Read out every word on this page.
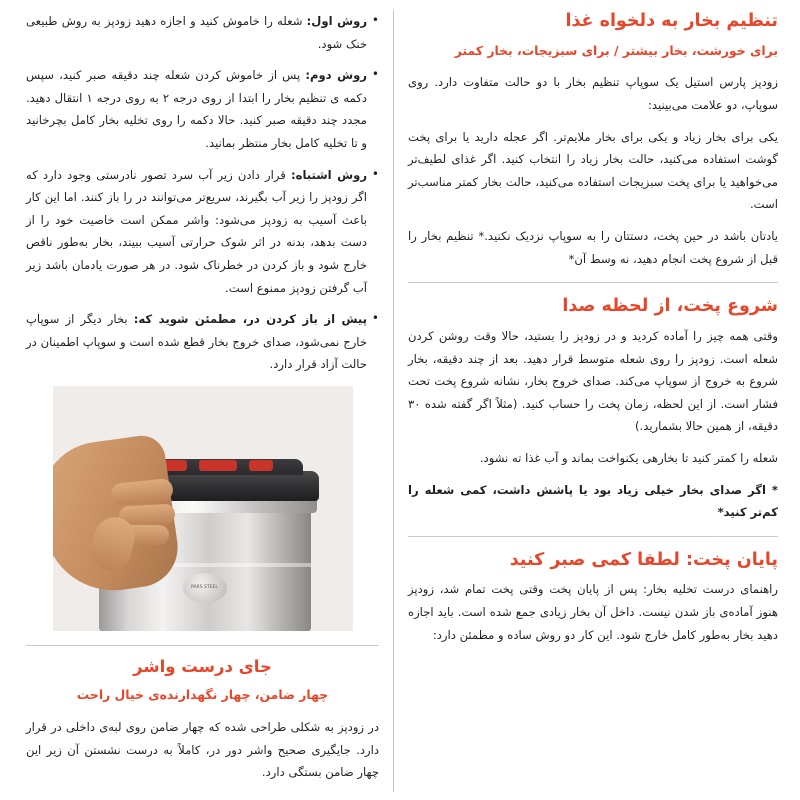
تنظیم بخار به دلخواه غذا
برای خورشت، بخار بیشتر / برای سبزیجات، بخار کمتر

زودپز پارس استیل یک سوپاپ تنظیم بخار با دو حالت متفاوت دارد. روی سوپاپ، دو علامت می‌بینید:

یکی برای بخار زیاد و یکی برای بخار ملایم‌تر. اگر عجله دارید یا برای پخت گوشت استفاده می‌کنید، حالت بخار زیاد را انتخاب کنید. اگر غذای لطیف‌تر می‌خواهید یا برای پخت سبزیجات استفاده می‌کنید، حالت بخار کمتر مناسب‌تر است.

یادتان باشد در حین پخت، دستتان را به سوپاپ نزدیک نکنید.* تنظیم بخار را قبل از شروع پخت انجام دهید، نه وسط آن*

شروع پخت، از لحظه صدا

وقتی همه چیز را آماده کردید و در زودپز را بستید، حالا وقت روشن کردن شعله است. زودپز را روی شعله متوسط قرار دهید. بعد از چند دقیقه، بخار شروع به خروج از سوپاپ می‌کند. صدای خروج بخار، نشانه شروع پخت تحت فشار است. از این لحظه، زمان پخت را حساب کنید. (مثلاً اگر گفته شده ۳۰ دقیقه، از همین حالا بشمارید.)

شعله را کمتر کنید تا بخارهی یکنواخت بماند و آب غذا ته نشود.

* اگر صدای بخار خیلی زیاد بود یا پاشش داشت، کمی شعله را کم‌تر کنید*

پایان پخت: لطفا کمی صبر کنید

راهنمای درست تخلیه بخار: پس از پایان پخت وقتی پخت تمام شد، زودپز هنوز آماده‌ی باز شدن نیست. داخل آن بخار زیادی جمع شده است. باید اجازه دهید بخار به‌طور کامل خارج شود. این کار دو روش ساده و مطمئن دارد:

• روش اول: شعله را خاموش کنید و اجازه دهید زودپز به روش طبیعی خنک شود.
• روش دوم: پس از خاموش کردن شعله چند دقیقه صبر کنید، سپس دکمه ی تنظیم بخار را ابتدا از روی درجه ۲ به روی درجه ۱ انتقال دهید. مجدد چند دقیقه صبر کنید. حالا دکمه را روی تخلیه بخار کامل بچرخانید و تا تخلیه کامل بخار منتظر بمانید.
• روش اشتباه: قرار دادن زیر آب سرد تصور نادرستی وجود دارد که اگر زودپز را زیر آب بگیرند، سریع‌تر می‌توانند در را باز کنند. اما این کار باعث آسیب به زودپز می‌شود: واشر ممکن است خاصیت خود را از دست بدهد، بدنه در اثر شوک حرارتی آسیب ببیند، بخار به‌طور ناقص خارج شود و باز کردن در خطرناک شود. در هر صورت یادمان باشد زیر آب گرفتن زودپز ممنوع است.
• پیش از باز کردن در، مطمئن شوید که: بخار دیگر از سوپاپ خارج نمی‌شود، صدای خروج بخار قطع شده است و سوپاپ اطمینان در حالت آزاد قرار دارد.
PARS STEEL
جای درست واشر
چهار ضامن، چهار نگهدارنده‌ی خیال راحت

در زودپز به شکلی طراحی شده که چهار ضامن روی لبه‌ی داخلی در قرار دارد. جایگیری صحیح واشر دور در، کاملاً به درست نشستن آن زیر این چهار ضامن بستگی دارد.
